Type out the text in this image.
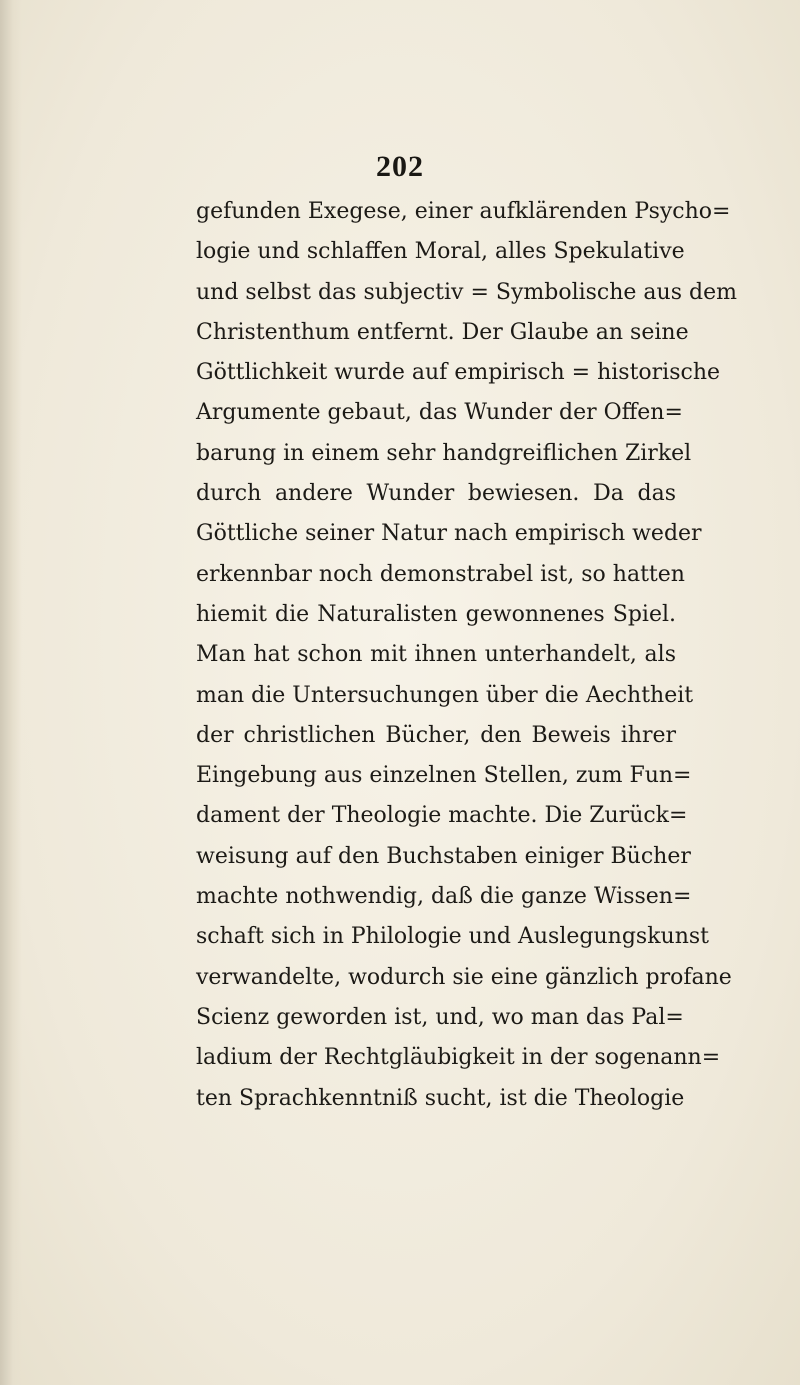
202
gefunden Exegese, einer aufklärenden Psycho=
logie und schlaffen Moral, alles Spekulative
und selbst das subjectiv = Symbolische aus dem
Christenthum entfernt. Der Glaube an seine
Göttlichkeit wurde auf empirisch = historische
Argumente gebaut, das Wunder der Offen=
barung in einem sehr handgreiflichen Zirkel
durch andere Wunder bewiesen. Da das
Göttliche seiner Natur nach empirisch weder
erkennbar noch demonstrabel ist, so hatten
hiemit die Naturalisten gewonnenes Spiel.
Man hat schon mit ihnen unterhandelt, als
man die Untersuchungen über die Aechtheit
der christlichen Bücher, den Beweis ihrer
Eingebung aus einzelnen Stellen, zum Fun=
dament der Theologie machte. Die Zurück=
weisung auf den Buchstaben einiger Bücher
machte nothwendig, daß die ganze Wissen=
schaft sich in Philologie und Auslegungskunst
verwandelte, wodurch sie eine gänzlich profane
Scienz geworden ist, und, wo man das Pal=
ladium der Rechtgläubigkeit in der sogenann=
ten Sprachkenntniß sucht, ist die Theologie
